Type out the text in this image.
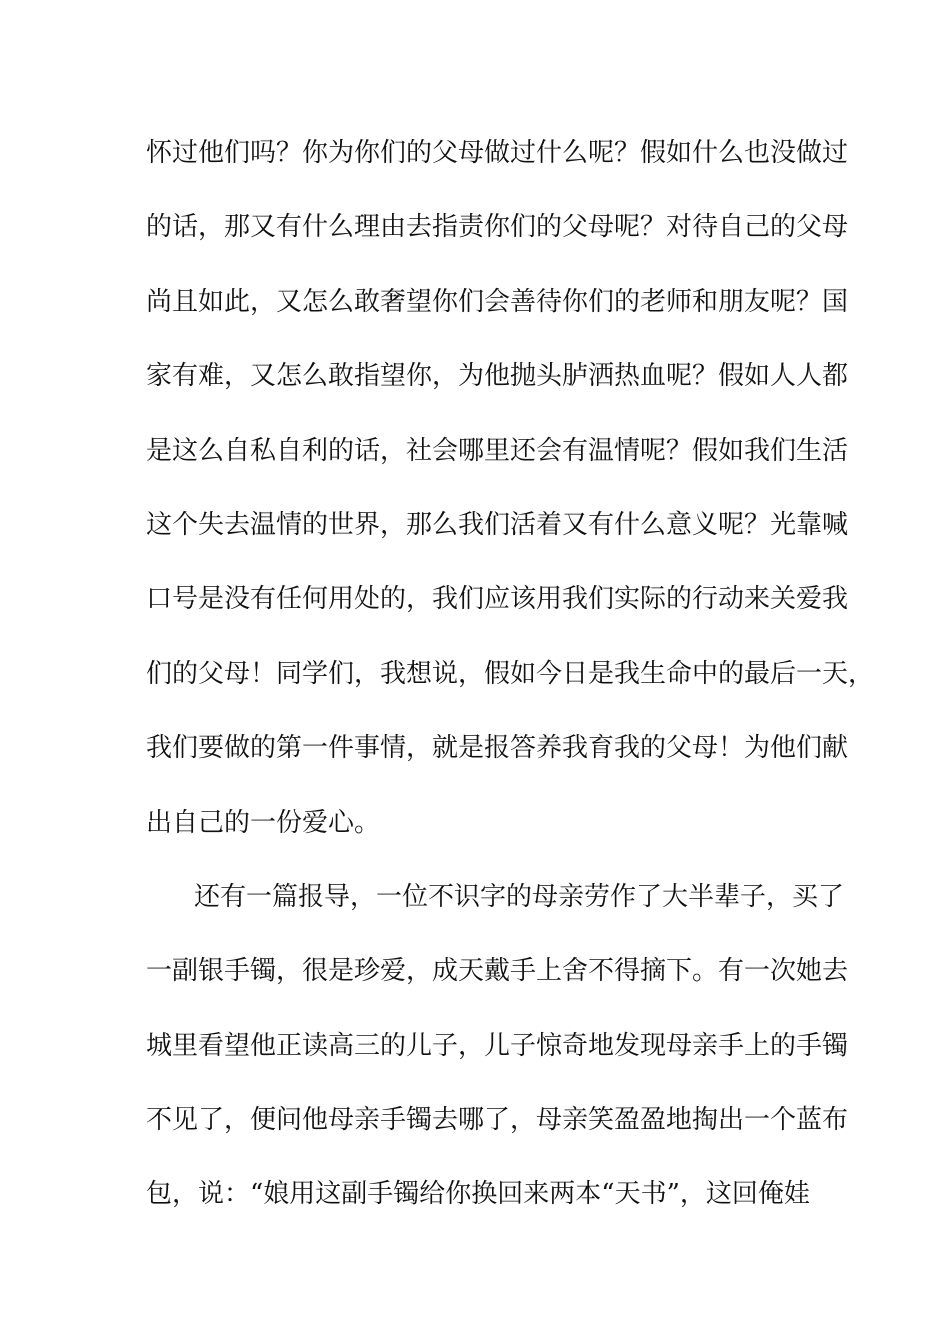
怀过他们吗？你为你们的父母做过什么呢？假如什么也没做过
的话，那又有什么理由去指责你们的父母呢？对待自己的父母
尚且如此，又怎么敢奢望你们会善待你们的老师和朋友呢？国
家有难，又怎么敢指望你，为他抛头胪洒热血呢？假如人人都
是这么自私自利的话，社会哪里还会有温情呢？假如我们生活
这个失去温情的世界，那么我们活着又有什么意义呢？光靠喊
口号是没有任何用处的，我们应该用我们实际的行动来关爱我
们的父母！同学们，我想说，假如今日是我生命中的最后一天，
我们要做的第一件事情，就是报答养我育我的父母！为他们献
出自己的一份爱心。
还有一篇报导，一位不识字的母亲劳作了大半辈子，买了
一副银手镯，很是珍爱，成天戴手上舍不得摘下。有一次她去
城里看望他正读高三的儿子，儿子惊奇地发现母亲手上的手镯
不见了，便问他母亲手镯去哪了，母亲笑盈盈地掏出一个蓝布
包，说：“娘用这副手镯给你换回来两本“天书”，这回俺娃
